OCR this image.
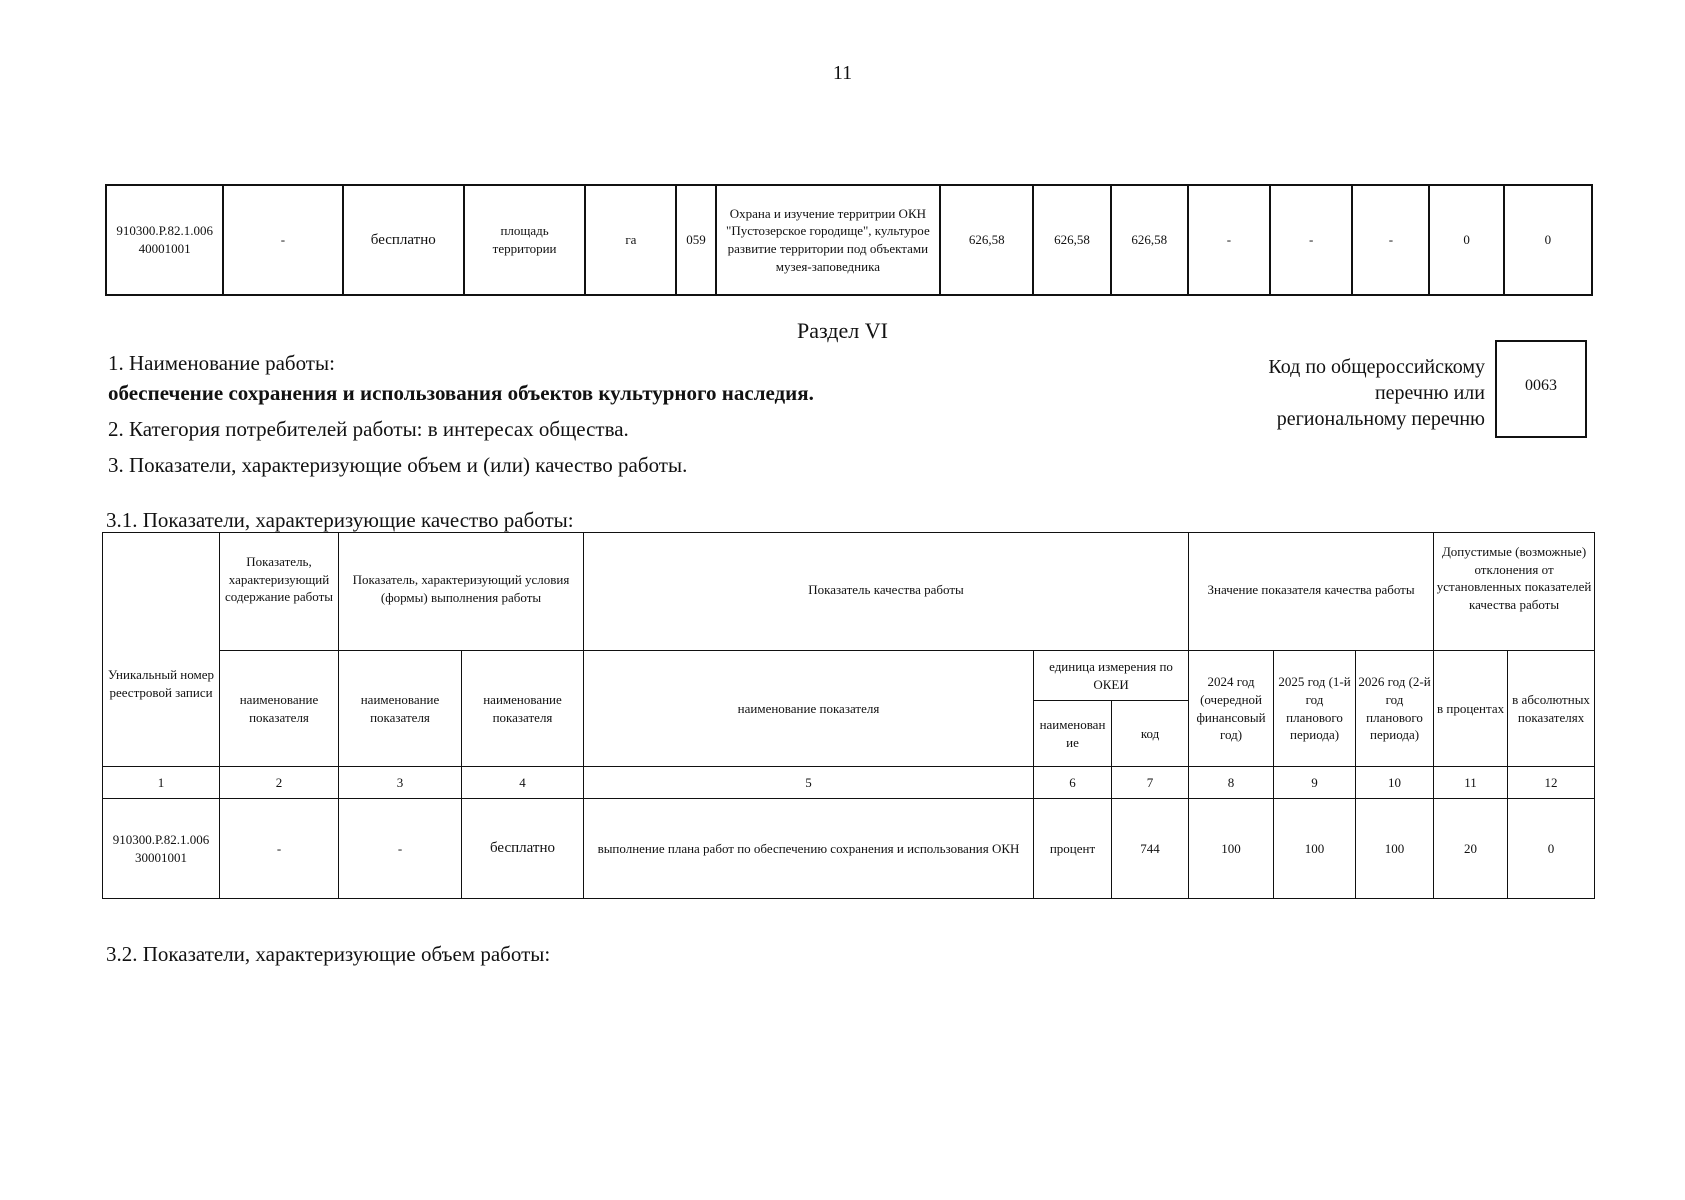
11
910300.Р.82.1.006 40001001	-	бесплатно	площадь территории	га	059	Охрана и изучение территрии ОКН "Пустозерское городище", культурое развитие территории под объектами музея-заповедника	626,58	626,58	626,58	-	-	-	0	0
Раздел VI
1. Наименование работы:
обеспечение сохранения и использования объектов культурного наследия.
2. Категория потребителей работы: в интересах общества.
3. Показатели, характеризующие объем и (или) качество работы.
Код по общероссийскому перечню или региональному перечню
0063
3.1. Показатели, характеризующие качество работы:
Уникальный номер реестровой записи	Показатель, характеризующий содержание работы	Показатель, характеризующий условия (формы) выполнения работы		Показатель качества работы			Значение показателя качества работы			Допустимые (возможные) отклонения от установленных показателей качества работы	
	наименование показателя	наименование показателя	наименование показателя	наименование показателя	единица измерения по ОКЕИ		2024 год (очередной финансовый год)	2025 год (1-й год планового периода)	2026 год (2-й год планового периода)	в процентах	в абсолютных показателях
					наименован ие	код					
1	2	3	4	5	6	7	8	9	10	11	12
910300.Р.82.1.006 30001001	-	-	бесплатно	выполнение плана работ по обеспечению сохранения и использования ОКН	процент	744	100	100	100	20	0
3.2. Показатели, характеризующие объем работы:
